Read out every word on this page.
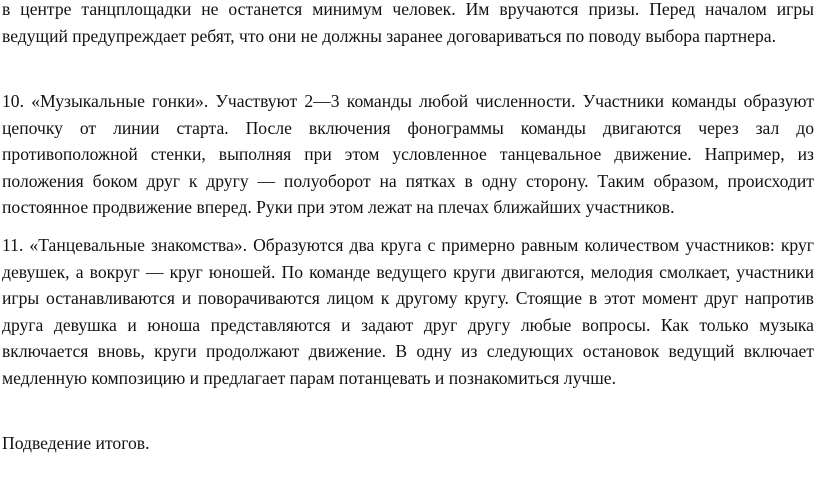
в центре танцплощадки не останется минимум человек. Им вручаются призы. Перед началом игры ведущий предупреждает ребят, что они не должны заранее договариваться по поводу выбора партнера.

10. «Музыкальные гонки». Участвуют 2—3 команды любой численности. Участники команды образуют цепочку от линии старта. После включения фонограммы команды двигаются через зал до противоположной стенки, выполняя при этом условленное танцевальное движение. Например, из положения боком друг к другу — полуоборот на пятках в одну сторону. Таким образом, происходит постоянное продвижение вперед. Руки при этом лежат на плечах ближайших участников.

11. «Танцевальные знакомства». Образуются два круга с примерно равным количеством участников: круг девушек, а вокруг — круг юношей. По команде ведущего круги двигаются, мелодия смолкает, участники игры останавливаются и поворачиваются лицом к другому кругу. Стоящие в этот момент друг напротив друга девушка и юноша представляются и задают друг другу любые вопросы. Как только музыка включается вновь, круги продолжают движение. В одну из следующих остановок ведущий включает медленную композицию и предлагает парам потанцевать и познакомиться лучше.

Подведение итогов.
